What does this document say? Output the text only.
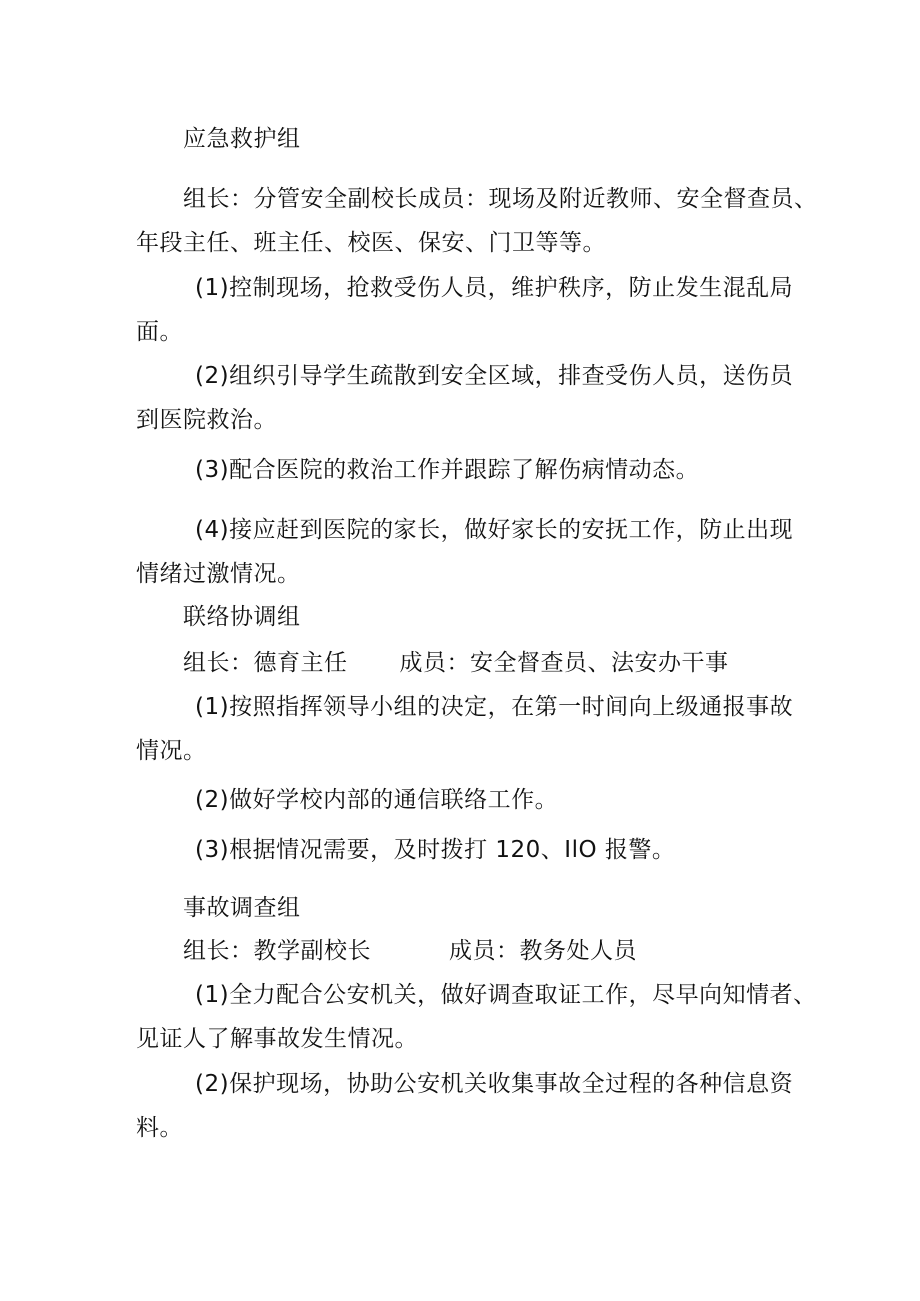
应急救护组
组长：分管安全副校长成员：现场及附近教师、安全督查员、
年段主任、班主任、校医、保安、门卫等等。
(1)控制现场，抢救受伤人员，维护秩序，防止发生混乱局
面。
(2)组织引导学生疏散到安全区域，排查受伤人员，送伤员
到医院救治。
(3)配合医院的救治工作并跟踪了解伤病情动态。
(4)接应赶到医院的家长，做好家长的安抚工作，防止出现
情绪过激情况。
联络协调组
组长：德育主任 成员：安全督查员、法安办干事
(1)按照指挥领导小组的决定，在第一时间向上级通报事故
情况。
(2)做好学校内部的通信联络工作。
(3)根据情况需要，及时拨打 120、IlO 报警。
事故调查组
组长：教学副校长	成员：教务处人员
(1)全力配合公安机关，做好调查取证工作，尽早向知情者、
见证人了解事故发生情况。
(2)保护现场，协助公安机关收集事故全过程的各种信息资
料。
